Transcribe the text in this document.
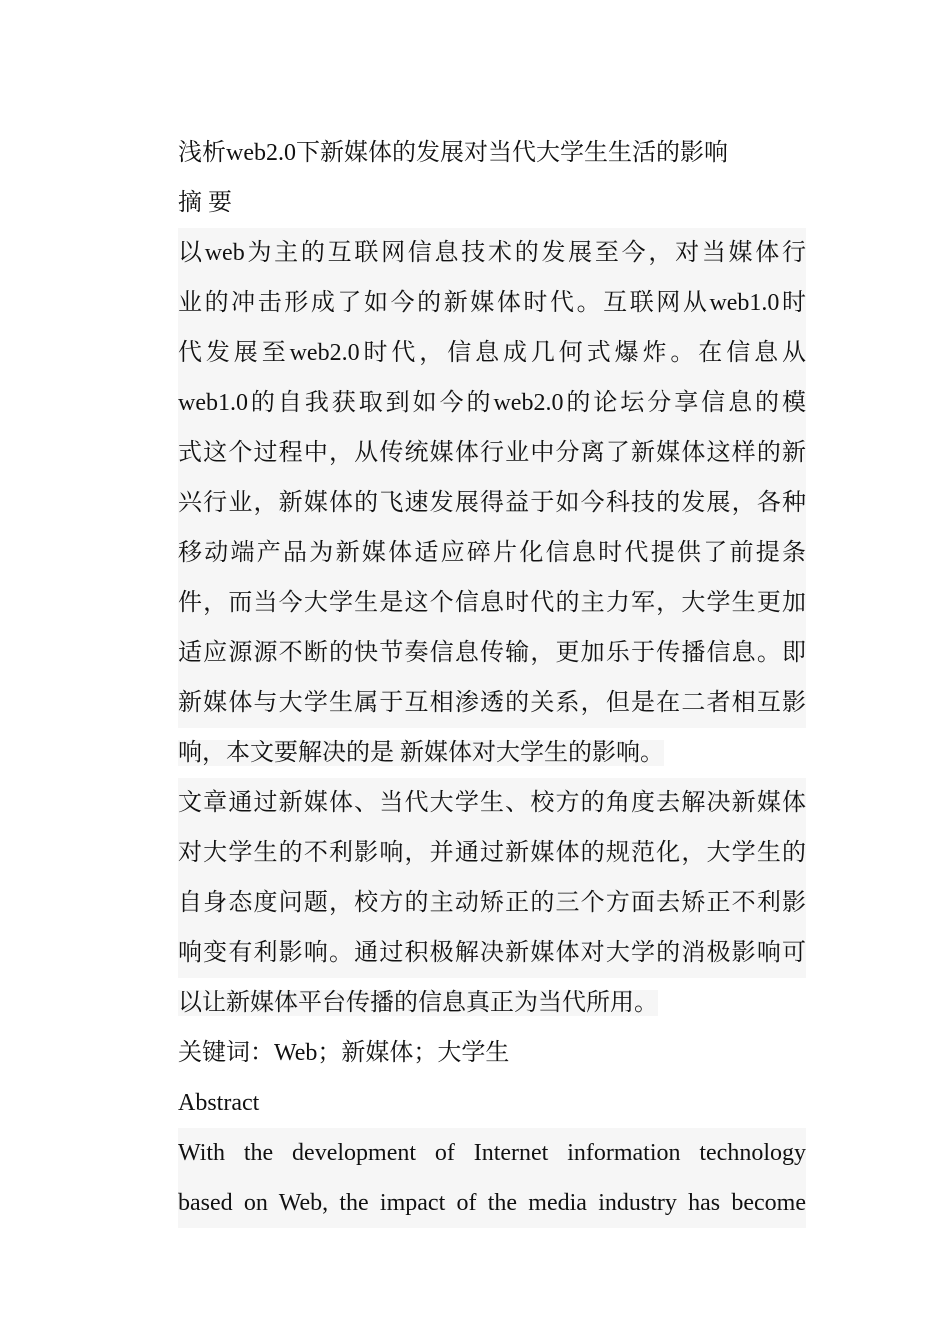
浅析web2.0下新媒体的发展对当代大学生生活的影响

摘 要

以web为主的互联网信息技术的发展至今，对当媒体行
业的冲击形成了如今的新媒体时代。互联网从web1.0时
代发展至web2.0时代，信息成几何式爆炸。在信息从
web1.0的自我获取到如今的web2.0的论坛分享信息的模
式这个过程中，从传统媒体行业中分离了新媒体这样的新
兴行业，新媒体的飞速发展得益于如今科技的发展，各种
移动端产品为新媒体适应碎片化信息时代提供了前提条
件，而当今大学生是这个信息时代的主力军，大学生更加
适应源源不断的快节奏信息传输，更加乐于传播信息。即
新媒体与大学生属于互相渗透的关系，但是在二者相互影
响，本文要解决的是 新媒体对大学生的影响。
文章通过新媒体、当代大学生、校方的角度去解决新媒体
对大学生的不利影响，并通过新媒体的规范化，大学生的
自身态度问题，校方的主动矫正的三个方面去矫正不利影
响变有利影响。通过积极解决新媒体对大学的消极影响可
以让新媒体平台传播的信息真正为当代所用。

关键词：Web；新媒体；大学生

Abstract

With the development of Internet information technology
based on Web, the impact of the media industry has become
